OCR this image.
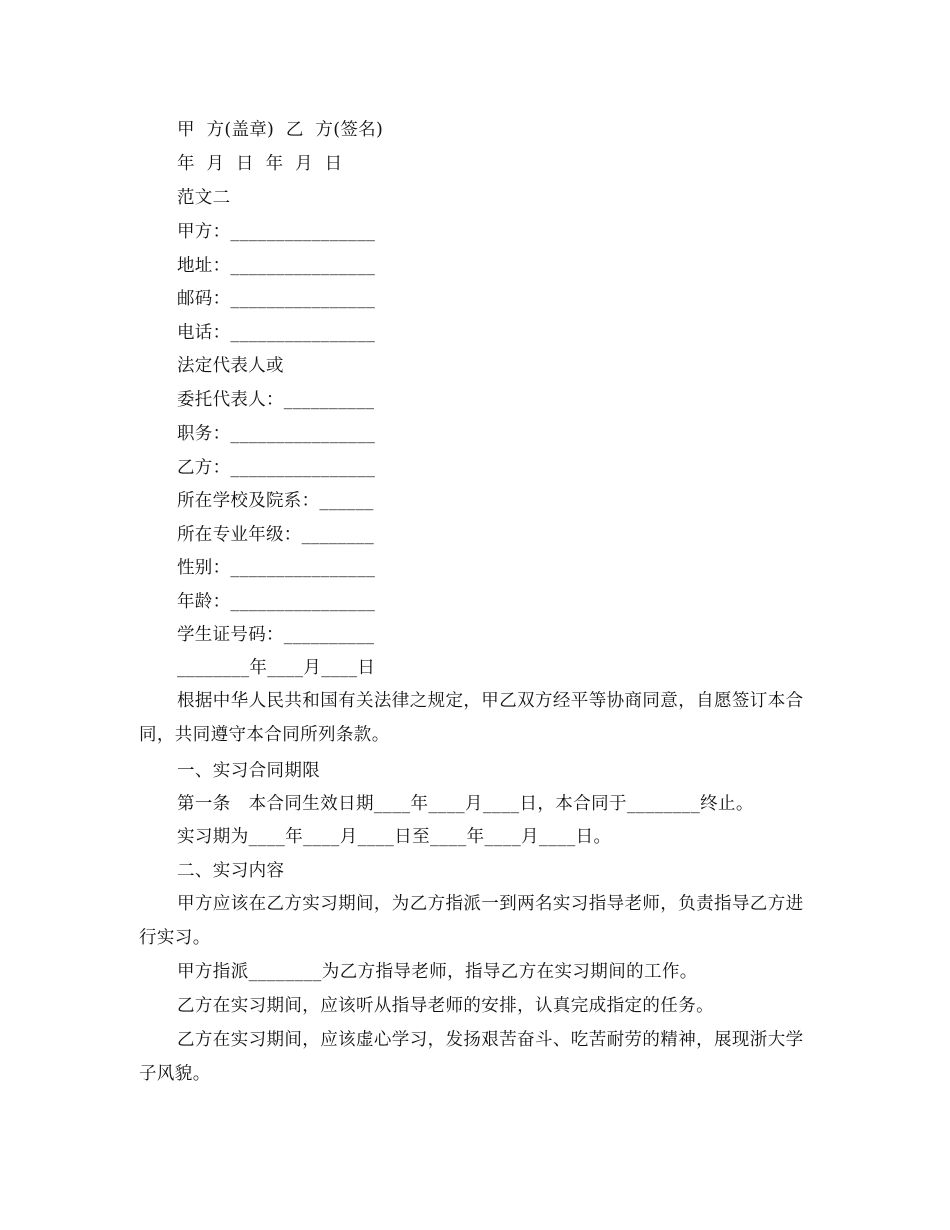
甲  方(盖章)  乙  方(签名)
年  月  日  年  月  日
范文二
甲方：________________
地址：________________
邮码：________________
电话：________________
法定代表人或
委托代表人：__________
职务：________________
乙方：________________
所在学校及院系：______
所在专业年级：________
性别：________________
年龄：________________
学生证号码：__________
________年____月____日
根据中华人民共和国有关法律之规定，甲乙双方经平等协商同意，自愿签订本合同，共同遵守本合同所列条款。
一、实习合同期限
第一条　本合同生效日期____年____月____日，本合同于________终止。
实习期为____年____月____日至____年____月____日。
二、实习内容
甲方应该在乙方实习期间，为乙方指派一到两名实习指导老师，负责指导乙方进行实习。
甲方指派________为乙方指导老师，指导乙方在实习期间的工作。
乙方在实习期间，应该听从指导老师的安排，认真完成指定的任务。
乙方在实习期间，应该虚心学习，发扬艰苦奋斗、吃苦耐劳的精神，展现浙大学子风貌。
